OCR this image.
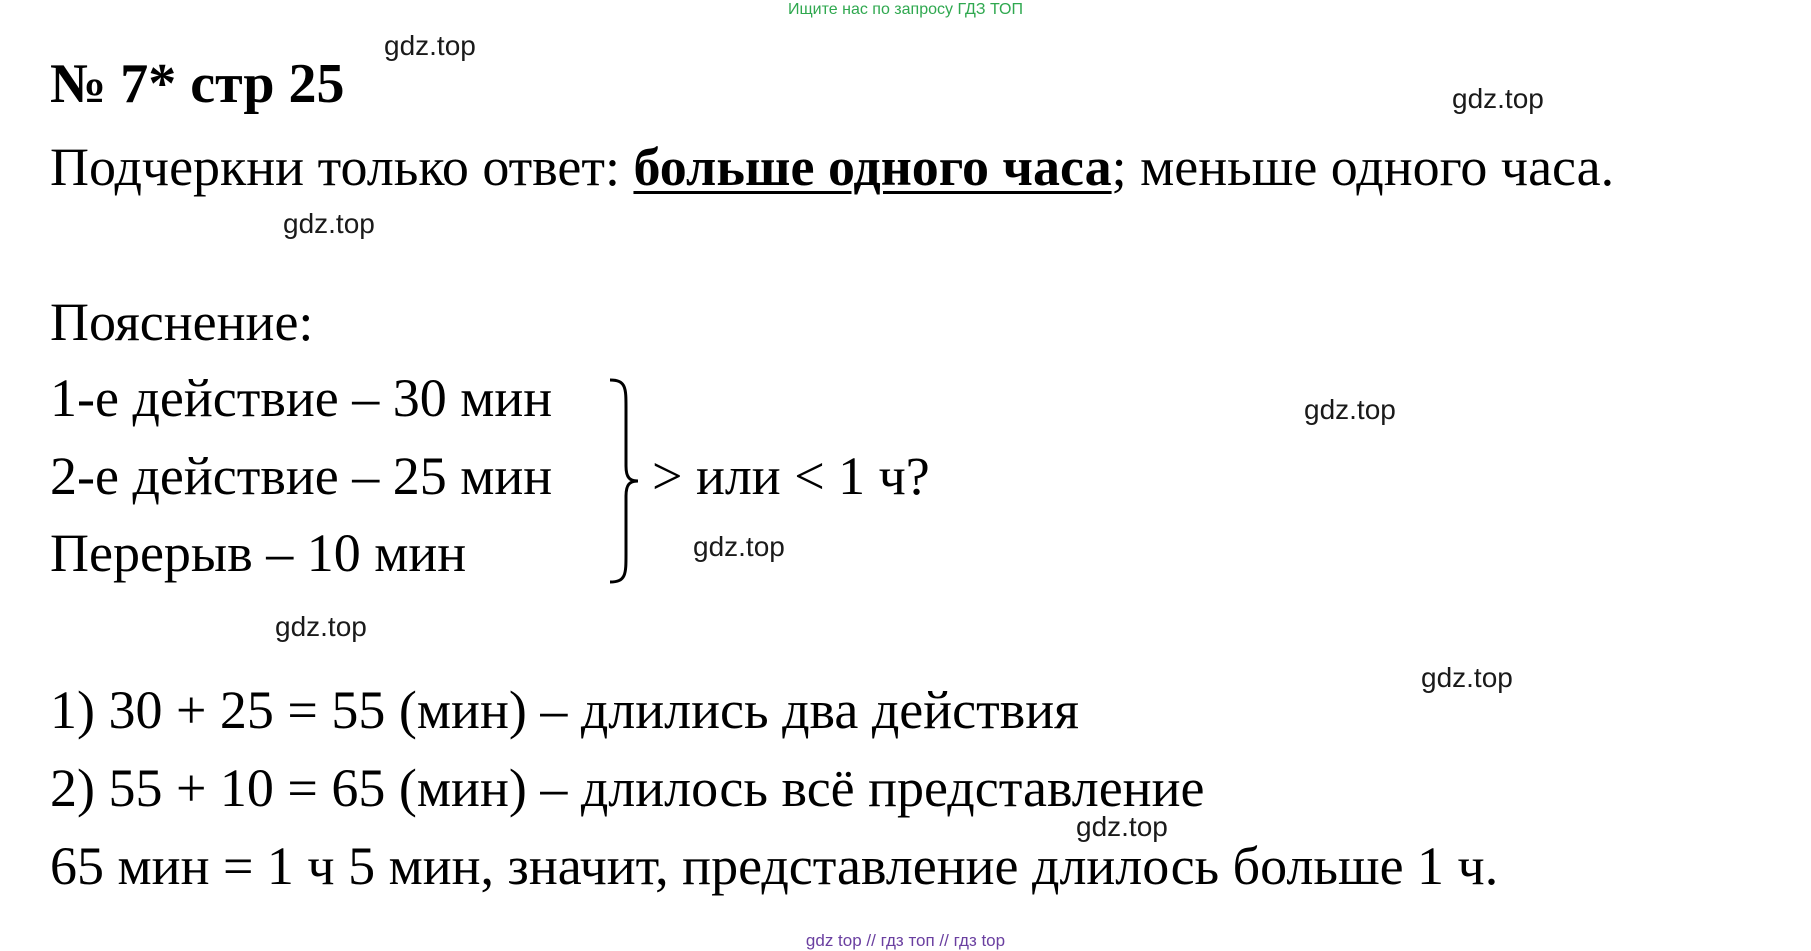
Ищите нас по запросу ГДЗ ТОП
№ 7* стр 25
Подчеркни только ответ: больше одного часа; меньше одного часа.
Пояснение:
1-е действие – 30 мин
2-е действие – 25 мин
Перерыв – 10 мин
> или < 1 ч?
1) 30 + 25 = 55 (мин) – длились два действия
2) 55 + 10 = 65 (мин) – длилось всё представление
65 мин = 1 ч 5 мин, значит, представление длилось больше 1 ч.
gdz.top
gdz.top
gdz.top
gdz.top
gdz.top
gdz.top
gdz.top
gdz.top
gdz top // гдз топ // гдз top
